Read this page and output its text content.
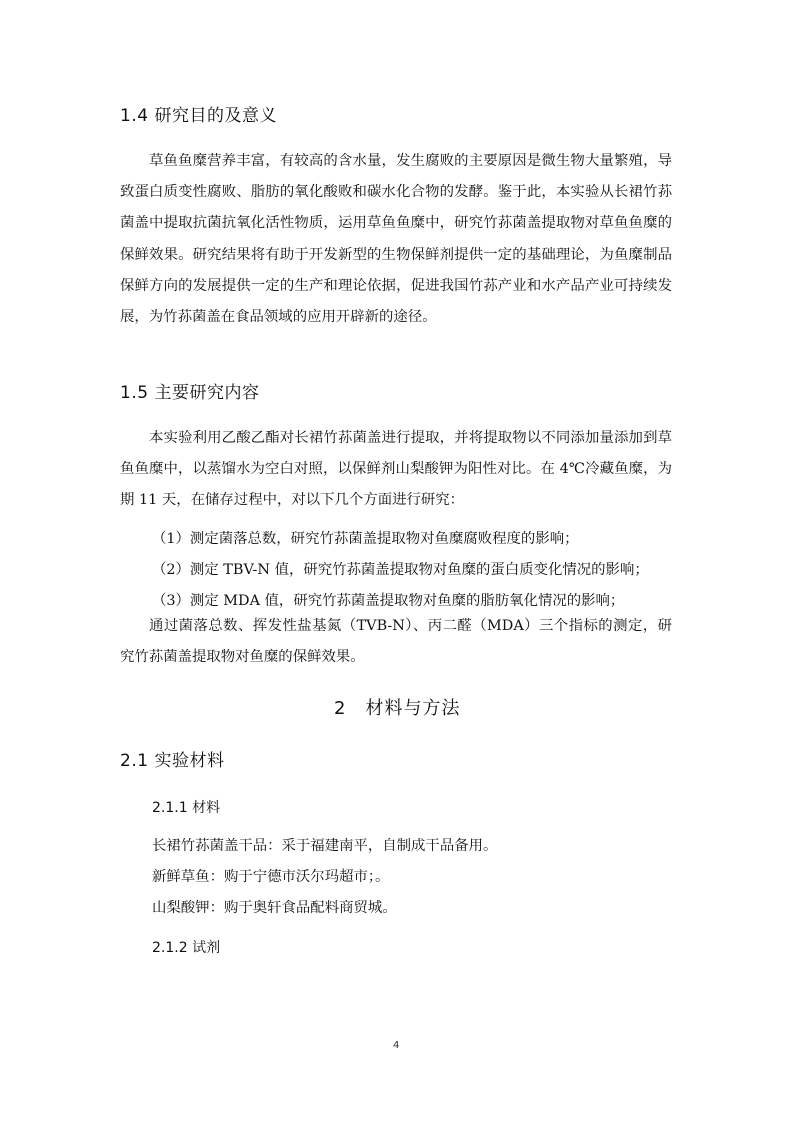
1.4 研究目的及意义
草鱼鱼糜营养丰富，有较高的含水量，发生腐败的主要原因是微生物大量繁殖，导致蛋白质变性腐败、脂肪的氧化酸败和碳水化合物的发酵。鉴于此，本实验从长裙竹荪菌盖中提取抗菌抗氧化活性物质，运用草鱼鱼糜中，研究竹荪菌盖提取物对草鱼鱼糜的保鲜效果。研究结果将有助于开发新型的生物保鲜剂提供一定的基础理论，为鱼糜制品保鲜方向的发展提供一定的生产和理论依据，促进我国竹荪产业和水产品产业可持续发展，为竹荪菌盖在食品领域的应用开辟新的途径。
1.5 主要研究内容
本实验利用乙酸乙酯对长裙竹荪菌盖进行提取，并将提取物以不同添加量添加到草鱼鱼糜中，以蒸馏水为空白对照，以保鲜剂山梨酸钾为阳性对比。在 4℃冷藏鱼糜，为期 11 天，在储存过程中，对以下几个方面进行研究：
（1）测定菌落总数，研究竹荪菌盖提取物对鱼糜腐败程度的影响；
（2）测定 TBV-N 值，研究竹荪菌盖提取物对鱼糜的蛋白质变化情况的影响；
（3）测定 MDA 值，研究竹荪菌盖提取物对鱼糜的脂肪氧化情况的影响；
通过菌落总数、挥发性盐基氮（TVB-N）、丙二醛（MDA）三个指标的测定，研究竹荪菌盖提取物对鱼糜的保鲜效果。
2　材料与方法
2.1 实验材料
2.1.1 材料
长裙竹荪菌盖干品：采于福建南平，自制成干品备用。
新鲜草鱼：购于宁德市沃尔玛超市；。
山梨酸钾：购于奥轩食品配料商贸城。
2.1.2 试剂
4
